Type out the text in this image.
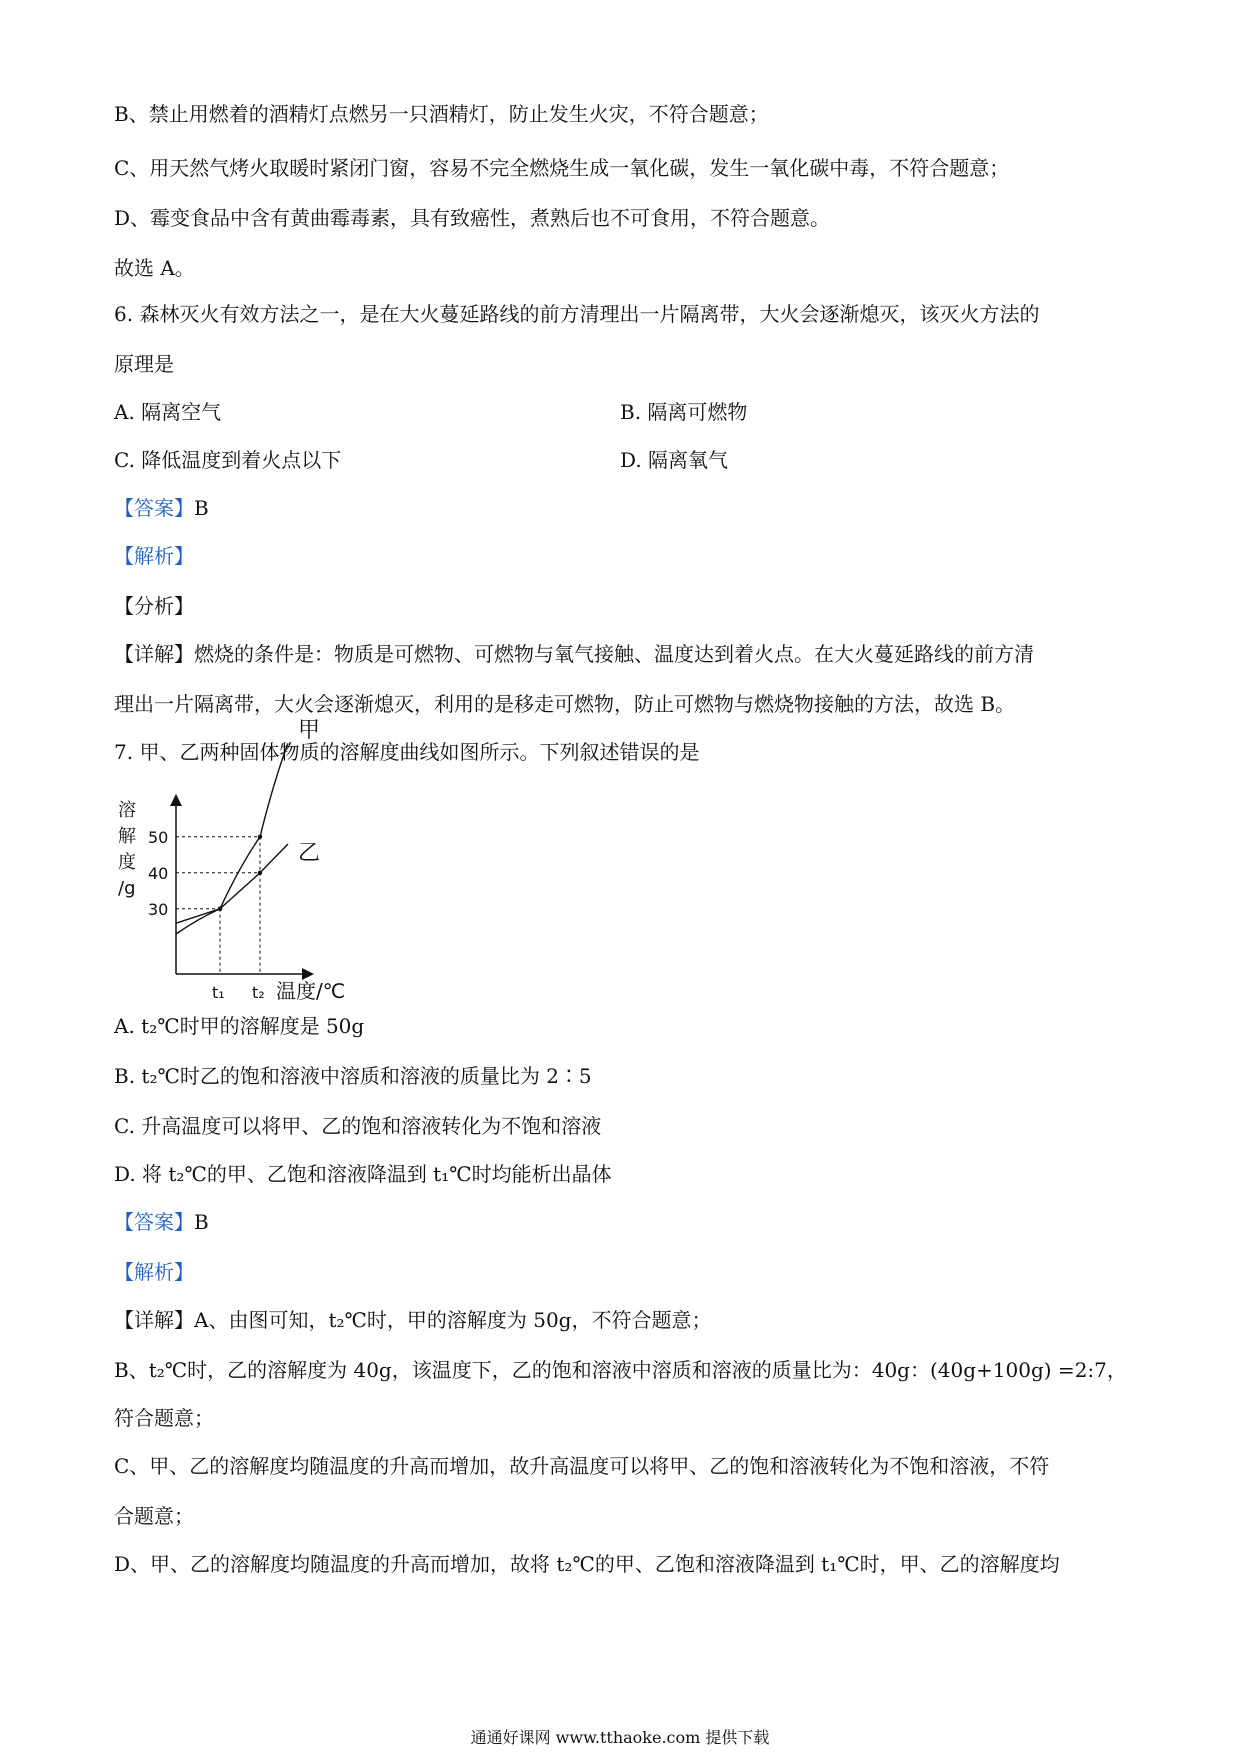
B、禁止用燃着的酒精灯点燃另一只酒精灯，防止发生火灾，不符合题意；
C、用天然气烤火取暖时紧闭门窗，容易不完全燃烧生成一氧化碳，发生一氧化碳中毒，不符合题意；
D、霉变食品中含有黄曲霉毒素，具有致癌性，煮熟后也不可食用，不符合题意。
故选 A。
6. 森林灭火有效方法之一，是在大火蔓延路线的前方清理出一片隔离带，大火会逐渐熄灭，该灭火方法的
原理是
A. 隔离空气	B. 隔离可燃物
C. 降低温度到着火点以下	D. 隔离氧气
【答案】B
【解析】
【分析】
【详解】燃烧的条件是：物质是可燃物、可燃物与氧气接触、温度达到着火点。在大火蔓延路线的前方清
理出一片隔离带，大火会逐渐熄灭，利用的是移走可燃物，防止可燃物与燃烧物接触的方法，故选 B。
7. 甲、乙两种固体物质的溶解度曲线如图所示。下列叙述错误的是
溶
解
度
/g
30
40
50
甲
乙
t₁ t₂ 温度/℃
A. t₂℃时甲的溶解度是 50g
B. t₂℃时乙的饱和溶液中溶质和溶液的质量比为 2∶5
C. 升高温度可以将甲、乙的饱和溶液转化为不饱和溶液
D. 将 t₂℃的甲、乙饱和溶液降温到 t₁℃时均能析出晶体
【答案】B
【解析】
【详解】A、由图可知，t₂℃时，甲的溶解度为 50g，不符合题意；
B、t₂℃时，乙的溶解度为 40g，该温度下，乙的饱和溶液中溶质和溶液的质量比为：40g：(40g+100g) =2:7，
符合题意；
C、甲、乙的溶解度均随温度的升高而增加，故升高温度可以将甲、乙的饱和溶液转化为不饱和溶液，不符
合题意；
D、甲、乙的溶解度均随温度的升高而增加，故将 t₂℃的甲、乙饱和溶液降温到 t₁℃时，甲、乙的溶解度均
通通好课网 www.tthaoke.com 提供下载
